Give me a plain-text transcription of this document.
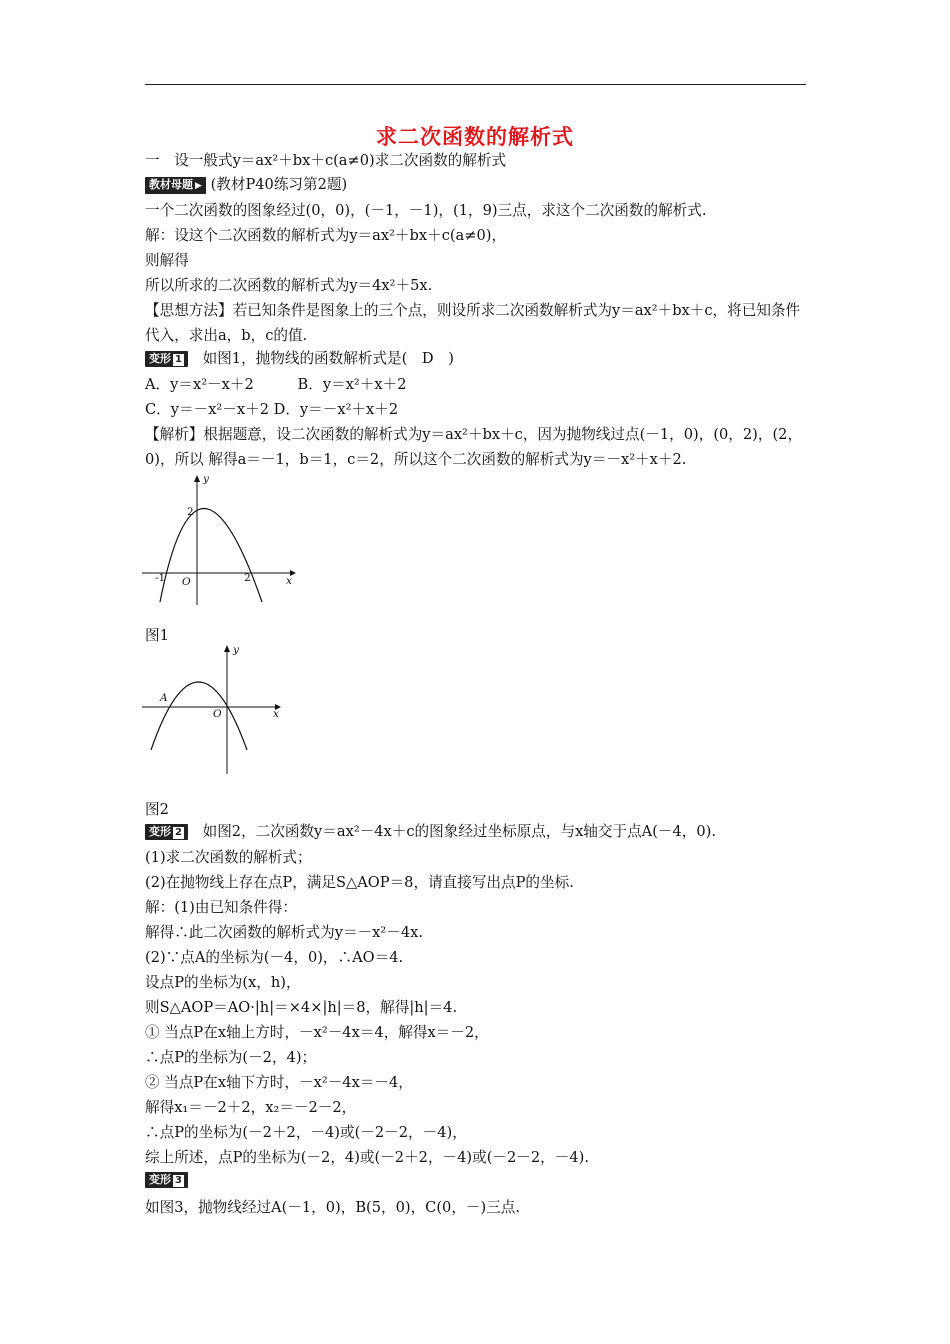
求二次函数的解析式
一　设一般式y＝ax²＋bx＋c(a≠0)求二次函数的解析式
教材母题 ▶ (教材P40练习第2题)
一个二次函数的图象经过(0，0)，(－1，－1)，(1，9)三点，求这个二次函数的解析式.
解：设这个二次函数的解析式为y＝ax²＋bx＋c(a≠0)，
则解得
所以所求的二次函数的解析式为y＝4x²＋5x.
【思想方法】若已知条件是图象上的三个点，则设所求二次函数解析式为y＝ax²＋bx＋c，将已知条件代入，求出a，b，c的值.
变形 1 如图1，抛物线的函数解析式是(　D　)
A．y＝x²－x＋2　　　B．y＝x²＋x＋2
C．y＝－x²－x＋2 D．y＝－x²＋x＋2
【解析】根据题意，设二次函数的解析式为y＝ax²＋bx＋c，因为抛物线过点(－1，0)，(0，2)，(2，0)，所以 解得a＝－1，b＝1，c＝2，所以这个二次函数的解析式为y＝－x²＋x＋2.
y
x
O
2
-1	2
图1
y
x
O
A
图2
变形 2 如图2，二次函数y＝ax²－4x＋c的图象经过坐标原点，与x轴交于点A(－4，0).
(1)求二次函数的解析式；
(2)在抛物线上存在点P，满足S△AOP＝8，请直接写出点P的坐标.
解：(1)由已知条件得：
解得∴此二次函数的解析式为y＝－x²－4x.
(2)∵点A的坐标为(－4，0)，∴AO＝4.
设点P的坐标为(x，h)，
则S△AOP＝AO·|h|＝×4×|h|＝8，解得|h|＝4.
① 当点P在x轴上方时，－x²－4x＝4，解得x＝－2，
∴点P的坐标为(－2，4)；
② 当点P在x轴下方时，－x²－4x＝－4，
解得x₁＝－2＋2，x₂＝－2－2，
∴点P的坐标为(－2＋2，－4)或(－2－2，－4)，
综上所述，点P的坐标为(－2，4)或(－2＋2，－4)或(－2－2，－4).
变形 3
如图3，抛物线经过A(－1，0)，B(5，0)，C(0，－)三点.
